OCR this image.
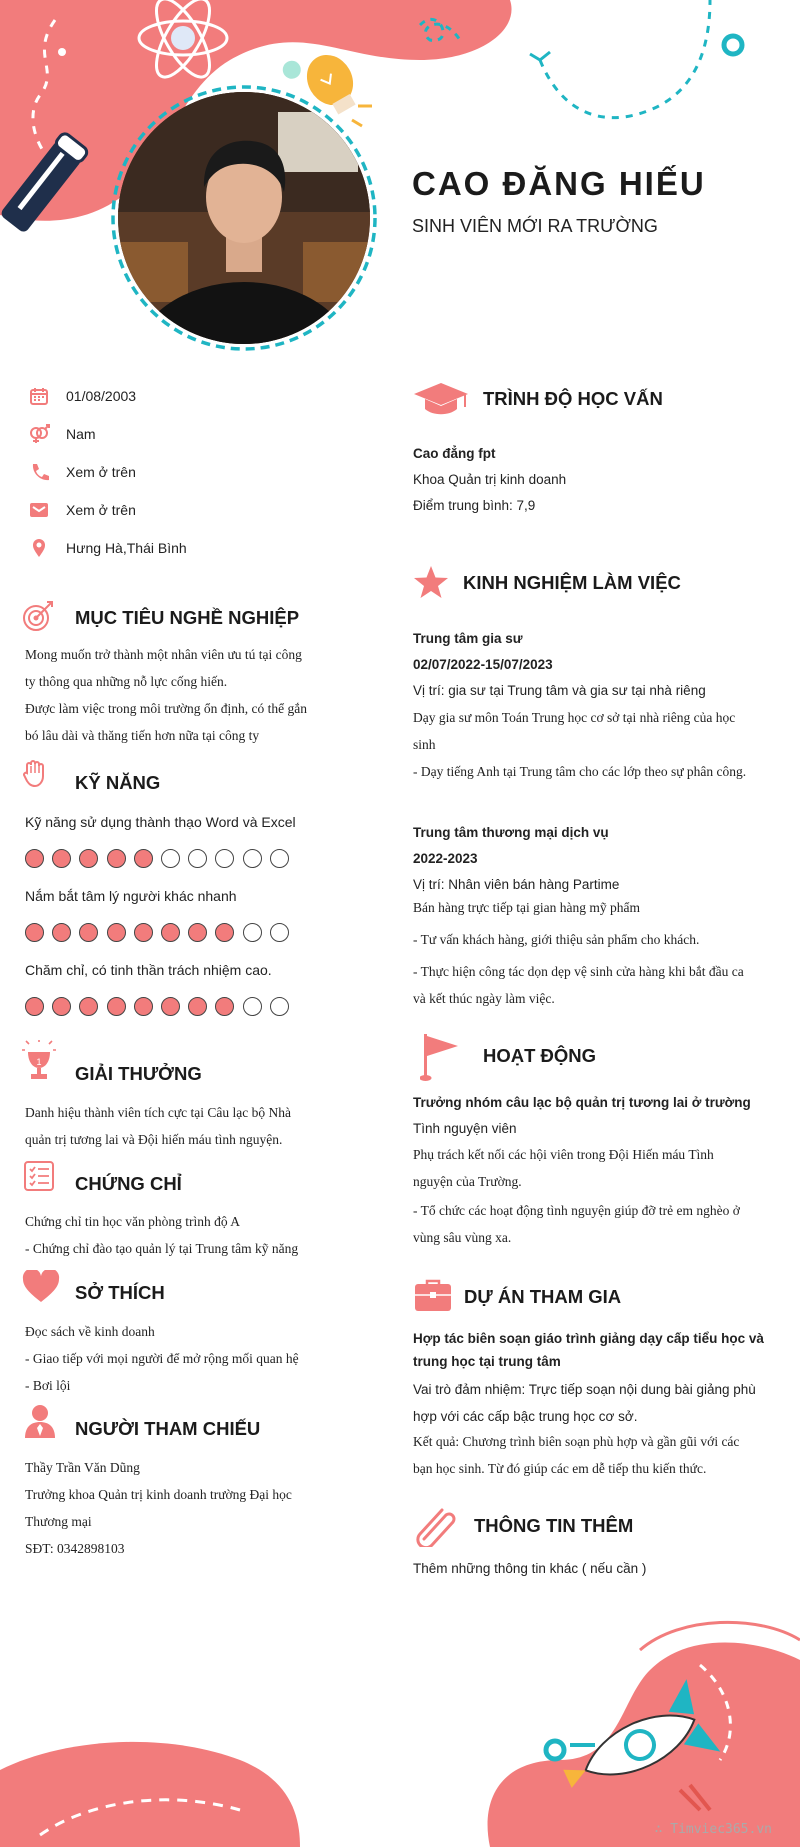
CAO ĐĂNG HIẾU
SINH VIÊN MỚI RA TRƯỜNG
01/08/2003
Nam
Xem ở trên
Xem ở trên
Hưng Hà,Thái Bình
MỤC TIÊU NGHỀ NGHIỆP
Mong muốn trở thành một nhân viên ưu tú tại công
ty thông qua những nỗ lực cống hiến.
Được làm việc trong môi trường ổn định, có thể gắn
bó lâu dài và thăng tiến hơn nữa tại công ty
KỸ NĂNG
Kỹ năng sử dụng thành thạo Word và Excel
Nắm bắt tâm lý người khác nhanh
Chăm chỉ, có tinh thần trách nhiệm cao.
1
GIẢI THƯỞNG
Danh hiệu thành viên tích cực tại Câu lạc bộ Nhà
quản trị tương lai và Đội hiến máu tình nguyện.
CHỨNG CHỈ
Chứng chỉ tin học văn phòng trình độ A
- Chứng chỉ đào tạo quản lý tại Trung tâm kỹ năng
SỞ THÍCH
Đọc sách về kinh doanh
- Giao tiếp với mọi người để mở rộng mối quan hệ
- Bơi lội
NGƯỜI THAM CHIẾU
Thầy Trần Văn Dũng
Trưởng khoa Quản trị kinh doanh trường Đại học
Thương mại
SĐT: 0342898103
TRÌNH ĐỘ HỌC VẤN
Cao đẳng fpt
Khoa Quản trị kinh doanh
Điểm trung bình: 7,9
KINH NGHIỆM LÀM VIỆC
Trung tâm gia sư
02/07/2022-15/07/2023
Vị trí: gia sư tại Trung tâm và gia sư tại nhà riêng
Dạy gia sư môn Toán Trung học cơ sở tại nhà riêng của học
sinh
- Dạy tiếng Anh tại Trung tâm cho các lớp theo sự phân công.
Trung tâm thương mại dịch vụ
2022-2023
Vị trí: Nhân viên bán hàng Partime
Bán hàng trực tiếp tại gian hàng mỹ phẩm
- Tư vấn khách hàng, giới thiệu sản phẩm cho khách.
- Thực hiện công tác dọn dẹp vệ sinh cửa hàng khi bắt đầu ca
và kết thúc ngày làm việc.
HOẠT ĐỘNG
Trưởng nhóm câu lạc bộ quản trị tương lai ở trường
Tình nguyện viên
Phụ trách kết nối các hội viên trong Đội Hiến máu Tình
nguyện của Trường.
- Tổ chức các hoạt động tình nguyện giúp đỡ trẻ em nghèo ở
vùng sâu vùng xa.
DỰ ÁN THAM GIA
Hợp tác biên soạn giáo trình giảng dạy cấp tiểu học và
trung học tại trung tâm
Vai trò đảm nhiệm: Trực tiếp soạn nội dung bài giảng phù
hợp với các cấp bậc trung học cơ sở.
Kết quả: Chương trình biên soạn phù hợp và gần gũi với các
bạn học sinh. Từ đó giúp các em dễ tiếp thu kiến thức.
THÔNG TIN THÊM
Thêm những thông tin khác ( nếu cần )
∴ Timviec365.vn
